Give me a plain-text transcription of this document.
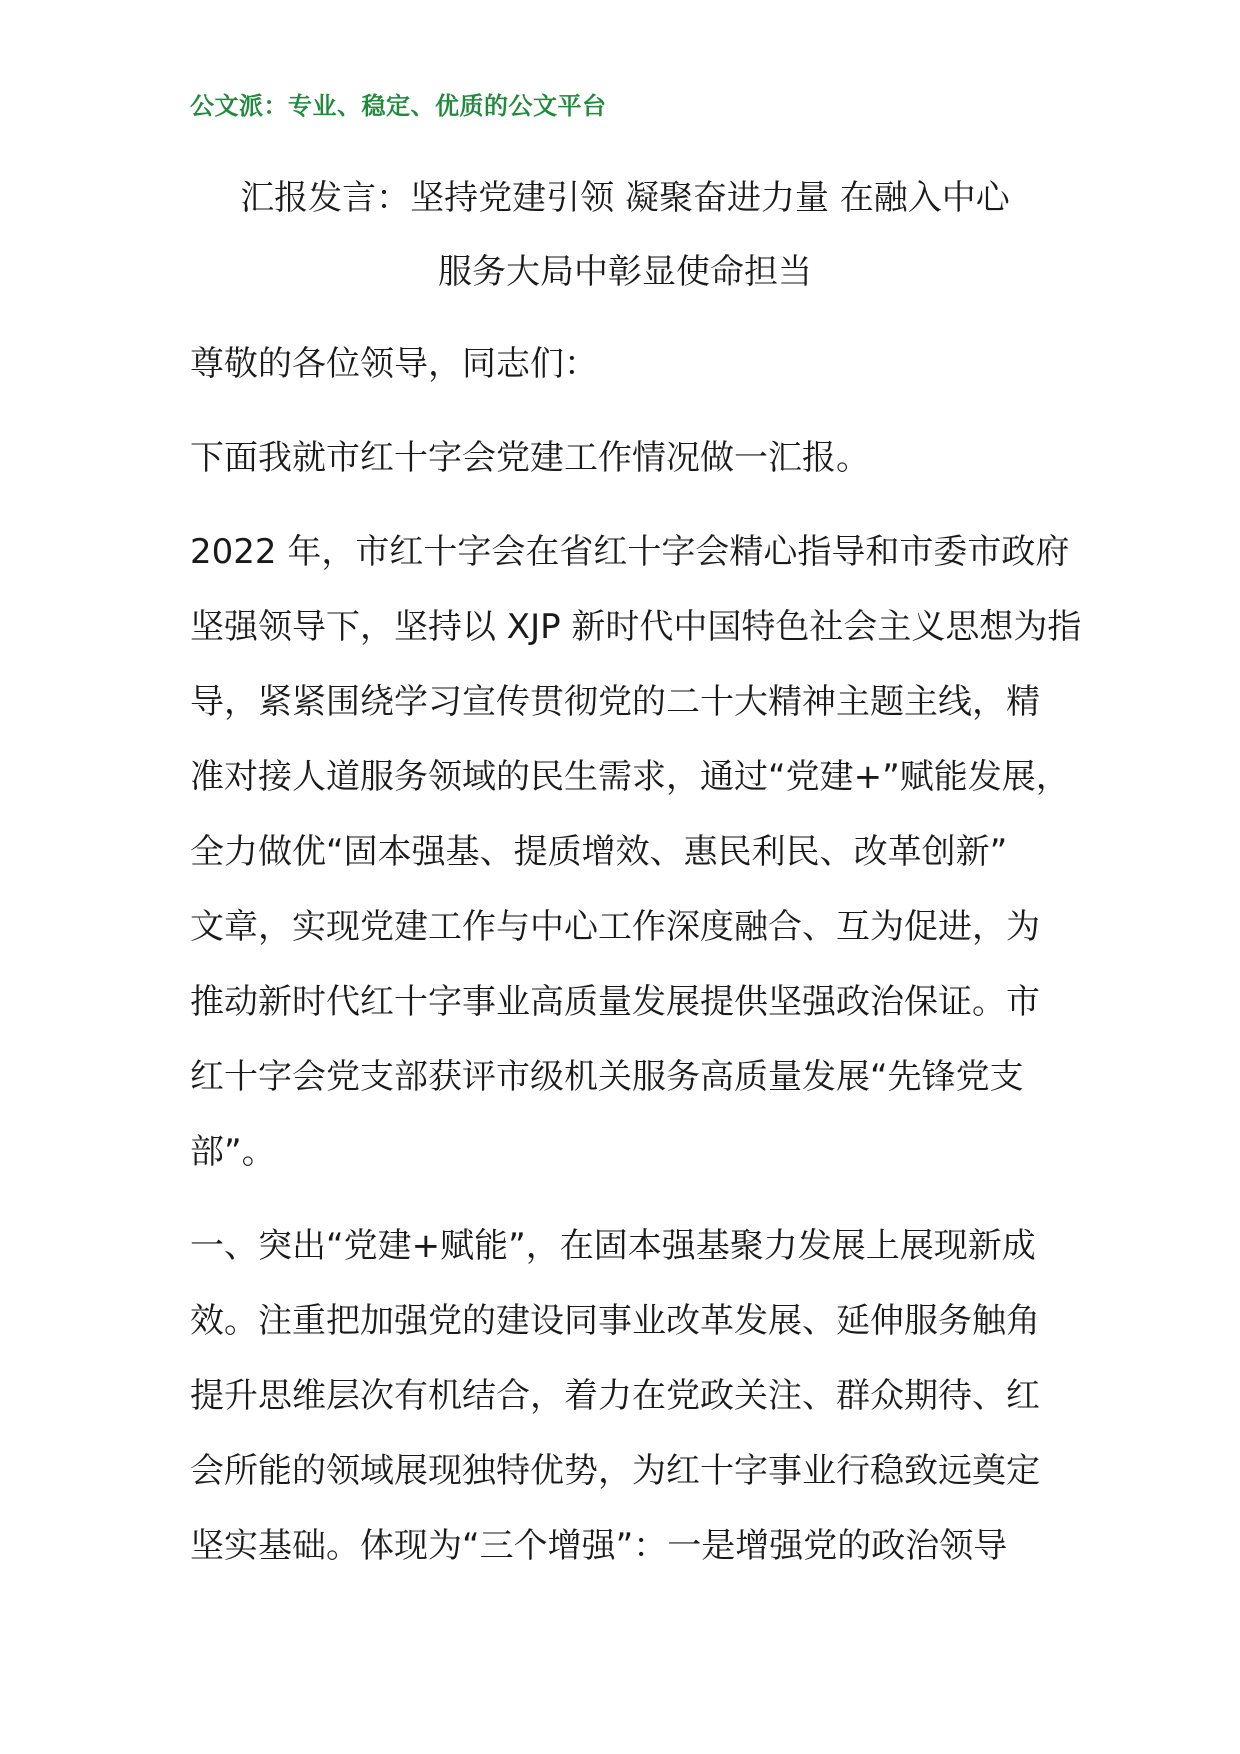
公文派：专业、稳定、优质的公文平台
汇报发言：坚持党建引领 凝聚奋进力量 在融入中心
服务大局中彰显使命担当
尊敬的各位领导，同志们：
下面我就市红十字会党建工作情况做一汇报。
2022 年，市红十字会在省红十字会精心指导和市委市政府
坚强领导下，坚持以 XJP 新时代中国特色社会主义思想为指
导，紧紧围绕学习宣传贯彻党的二十大精神主题主线，精
准对接人道服务领域的民生需求，通过“党建+”赋能发展，
全力做优“固本强基、提质增效、惠民利民、改革创新”
文章，实现党建工作与中心工作深度融合、互为促进，为
推动新时代红十字事业高质量发展提供坚强政治保证。市
红十字会党支部获评市级机关服务高质量发展“先锋党支
部”。
一、突出“党建+赋能”，在固本强基聚力发展上展现新成
效。注重把加强党的建设同事业改革发展、延伸服务触角
提升思维层次有机结合，着力在党政关注、群众期待、红
会所能的领域展现独特优势，为红十字事业行稳致远奠定
坚实基础。体现为“三个增强”：一是增强党的政治领导
